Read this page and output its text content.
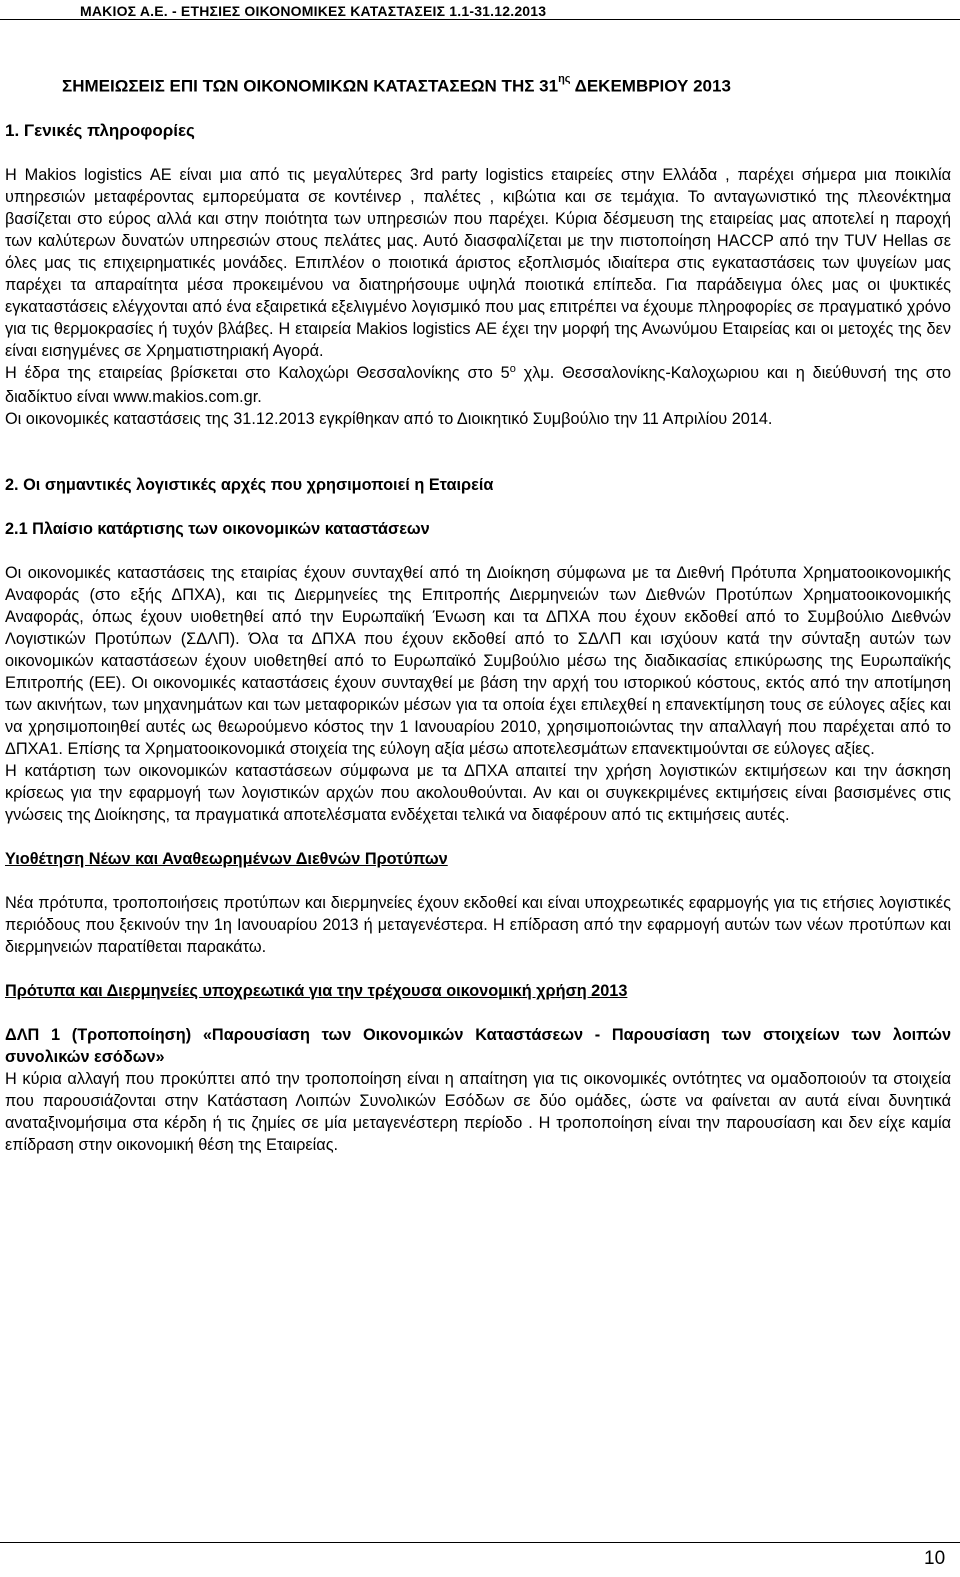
ΜΑΚΙΟΣ Α.Ε. - ΕΤΗΣΙΕΣ ΟΙΚΟΝΟΜΙΚΕΣ ΚΑΤΑΣΤΑΣΕΙΣ 1.1-31.12.2013
ΣΗΜΕΙΩΣΕΙΣ ΕΠΙ ΤΩΝ ΟΙΚΟΝΟΜΙΚΩΝ ΚΑΤΑΣΤΑΣΕΩΝ ΤΗΣ $31^{\eta\varsigma}$ ΔΕΚΕΜΒΡΙΟΥ 2013

1. Γενικές πληροφορίες

Η Makios logistics ΑΕ είναι μια από τις μεγαλύτερες 3rd party logistics εταιρείες στην Ελλάδα , παρέχει σήμερα μια ποικιλία υπηρεσιών μεταφέροντας εμπορεύματα σε κοντέινερ , παλέτες , κιβώτια και σε τεμάχια. Το ανταγωνιστικό της πλεονέκτημα βασίζεται στο εύρος αλλά και στην ποιότητα των υπηρεσιών που παρέχει. Κύρια δέσμευση της εταιρείας μας αποτελεί η παροχή των καλύτερων δυνατών υπηρεσιών στους πελάτες μας. Αυτό διασφαλίζεται με την πιστοποίηση HACCP από την TUV Hellas σε όλες μας τις επιχειρηματικές μονάδες. Επιπλέον ο ποιοτικά άριστος εξοπλισμός ιδιαίτερα στις εγκαταστάσεις των ψυγείων μας παρέχει τα απαραίτητα μέσα προκειμένου να διατηρήσουμε υψηλά ποιοτικά επίπεδα. Για παράδειγμα όλες μας οι ψυκτικές εγκαταστάσεις ελέγχονται από ένα εξαιρετικά εξελιγμένο λογισμικό που μας επιτρέπει να έχουμε πληροφορίες σε πραγματικό χρόνο για τις θερμοκρασίες ή τυχόν βλάβες. Η εταιρεία Makios logistics ΑΕ έχει την μορφή της Ανωνύμου Εταιρείας και οι μετοχές της δεν είναι εισηγμένες σε Χρηματιστηριακή Αγορά.

Η έδρα της εταιρείας βρίσκεται στο Καλοχώρι Θεσσαλονίκης στο $5^o$ χλμ. Θεσσαλονίκης-Καλοχωριου και η διεύθυνσή της στο διαδίκτυο είναι www.makios.com.gr.

Οι οικονομικές καταστάσεις της 31.12.2013 εγκρίθηκαν από το Διοικητικό Συμβούλιο την 11 Απριλίου 2014.

2. Οι σημαντικές λογιστικές αρχές που χρησιμοποιεί η Εταιρεία

2.1 Πλαίσιο κατάρτισης των οικονομικών καταστάσεων

Οι οικονομικές καταστάσεις της εταιρίας έχουν συνταχθεί από τη Διοίκηση σύμφωνα με τα Διεθνή Πρότυπα Χρηματοοικονομικής Αναφοράς (στο εξής ΔΠΧΑ), και τις Διερμηνείες της Επιτροπής Διερμηνειών των Διεθνών Προτύπων Χρηματοοικονομικής Αναφοράς, όπως έχουν υιοθετηθεί από την Ευρωπαϊκή Ένωση και τα ΔΠΧΑ που έχουν εκδοθεί από το Συμβούλιο Διεθνών Λογιστικών Προτύπων (ΣΔΛΠ). Όλα τα ΔΠΧΑ που έχουν εκδοθεί από το ΣΔΛΠ και ισχύουν κατά την σύνταξη αυτών των οικονομικών καταστάσεων έχουν υιοθετηθεί από το Ευρωπαϊκό Συμβούλιο μέσω της διαδικασίας επικύρωσης της Ευρωπαϊκής Επιτροπής (ΕΕ). Οι οικονομικές καταστάσεις έχουν συνταχθεί με βάση την αρχή του ιστορικού κόστους, εκτός από την αποτίμηση των ακινήτων, των μηχανημάτων και των μεταφορικών μέσων για τα οποία έχει επιλεχθεί η επανεκτίμηση τους σε εύλογες αξίες και να χρησιμοποιηθεί αυτές ως θεωρούμενο κόστος την 1 Ιανουαρίου 2010, χρησιμοποιώντας την απαλλαγή που παρέχεται από το ΔΠΧΑ1. Επίσης τα Χρηματοοικονομικά στοιχεία της εύλογη αξία μέσω αποτελεσμάτων επανεκτιμούνται σε εύλογες αξίες.

Η κατάρτιση των οικονομικών καταστάσεων σύμφωνα με τα ΔΠΧΑ απαιτεί την χρήση λογιστικών εκτιμήσεων και την άσκηση κρίσεως για την εφαρμογή των λογιστικών αρχών που ακολουθούνται. Αν και οι συγκεκριμένες εκτιμήσεις είναι βασισμένες στις γνώσεις της Διοίκησης, τα πραγματικά αποτελέσματα ενδέχεται τελικά να διαφέρουν από τις εκτιμήσεις αυτές.

Υιοθέτηση Νέων και Αναθεωρημένων Διεθνών Προτύπων

Νέα πρότυπα, τροποποιήσεις προτύπων και διερμηνείες έχουν εκδοθεί και είναι υποχρεωτικές εφαρμογής για τις ετήσιες λογιστικές περιόδους που ξεκινούν την 1η Ιανουαρίου 2013 ή μεταγενέστερα. Η επίδραση από την εφαρμογή αυτών των νέων προτύπων και διερμηνειών παρατίθεται παρακάτω.

Πρότυπα και Διερμηνείες υποχρεωτικά για την τρέχουσα οικονομική χρήση 2013

ΔΛΠ 1 (Τροποποίηση) «Παρουσίαση των Οικονομικών Καταστάσεων - Παρουσίαση των στοιχείων των λοιπών συνολικών εσόδων»

Η κύρια αλλαγή που προκύπτει από την τροποποίηση είναι η απαίτηση για τις οικονομικές οντότητες να ομαδοποιούν τα στοιχεία που παρουσιάζονται στην Κατάσταση Λοιπών Συνολικών Εσόδων σε δύο ομάδες, ώστε να φαίνεται αν αυτά είναι δυνητικά αναταξινομήσιμα στα κέρδη ή τις ζημίες σε μία μεταγενέστερη περίοδο . Η τροποποίηση είναι την παρουσίαση και δεν είχε καμία επίδραση στην οικονομική θέση της Εταιρείας.

10
